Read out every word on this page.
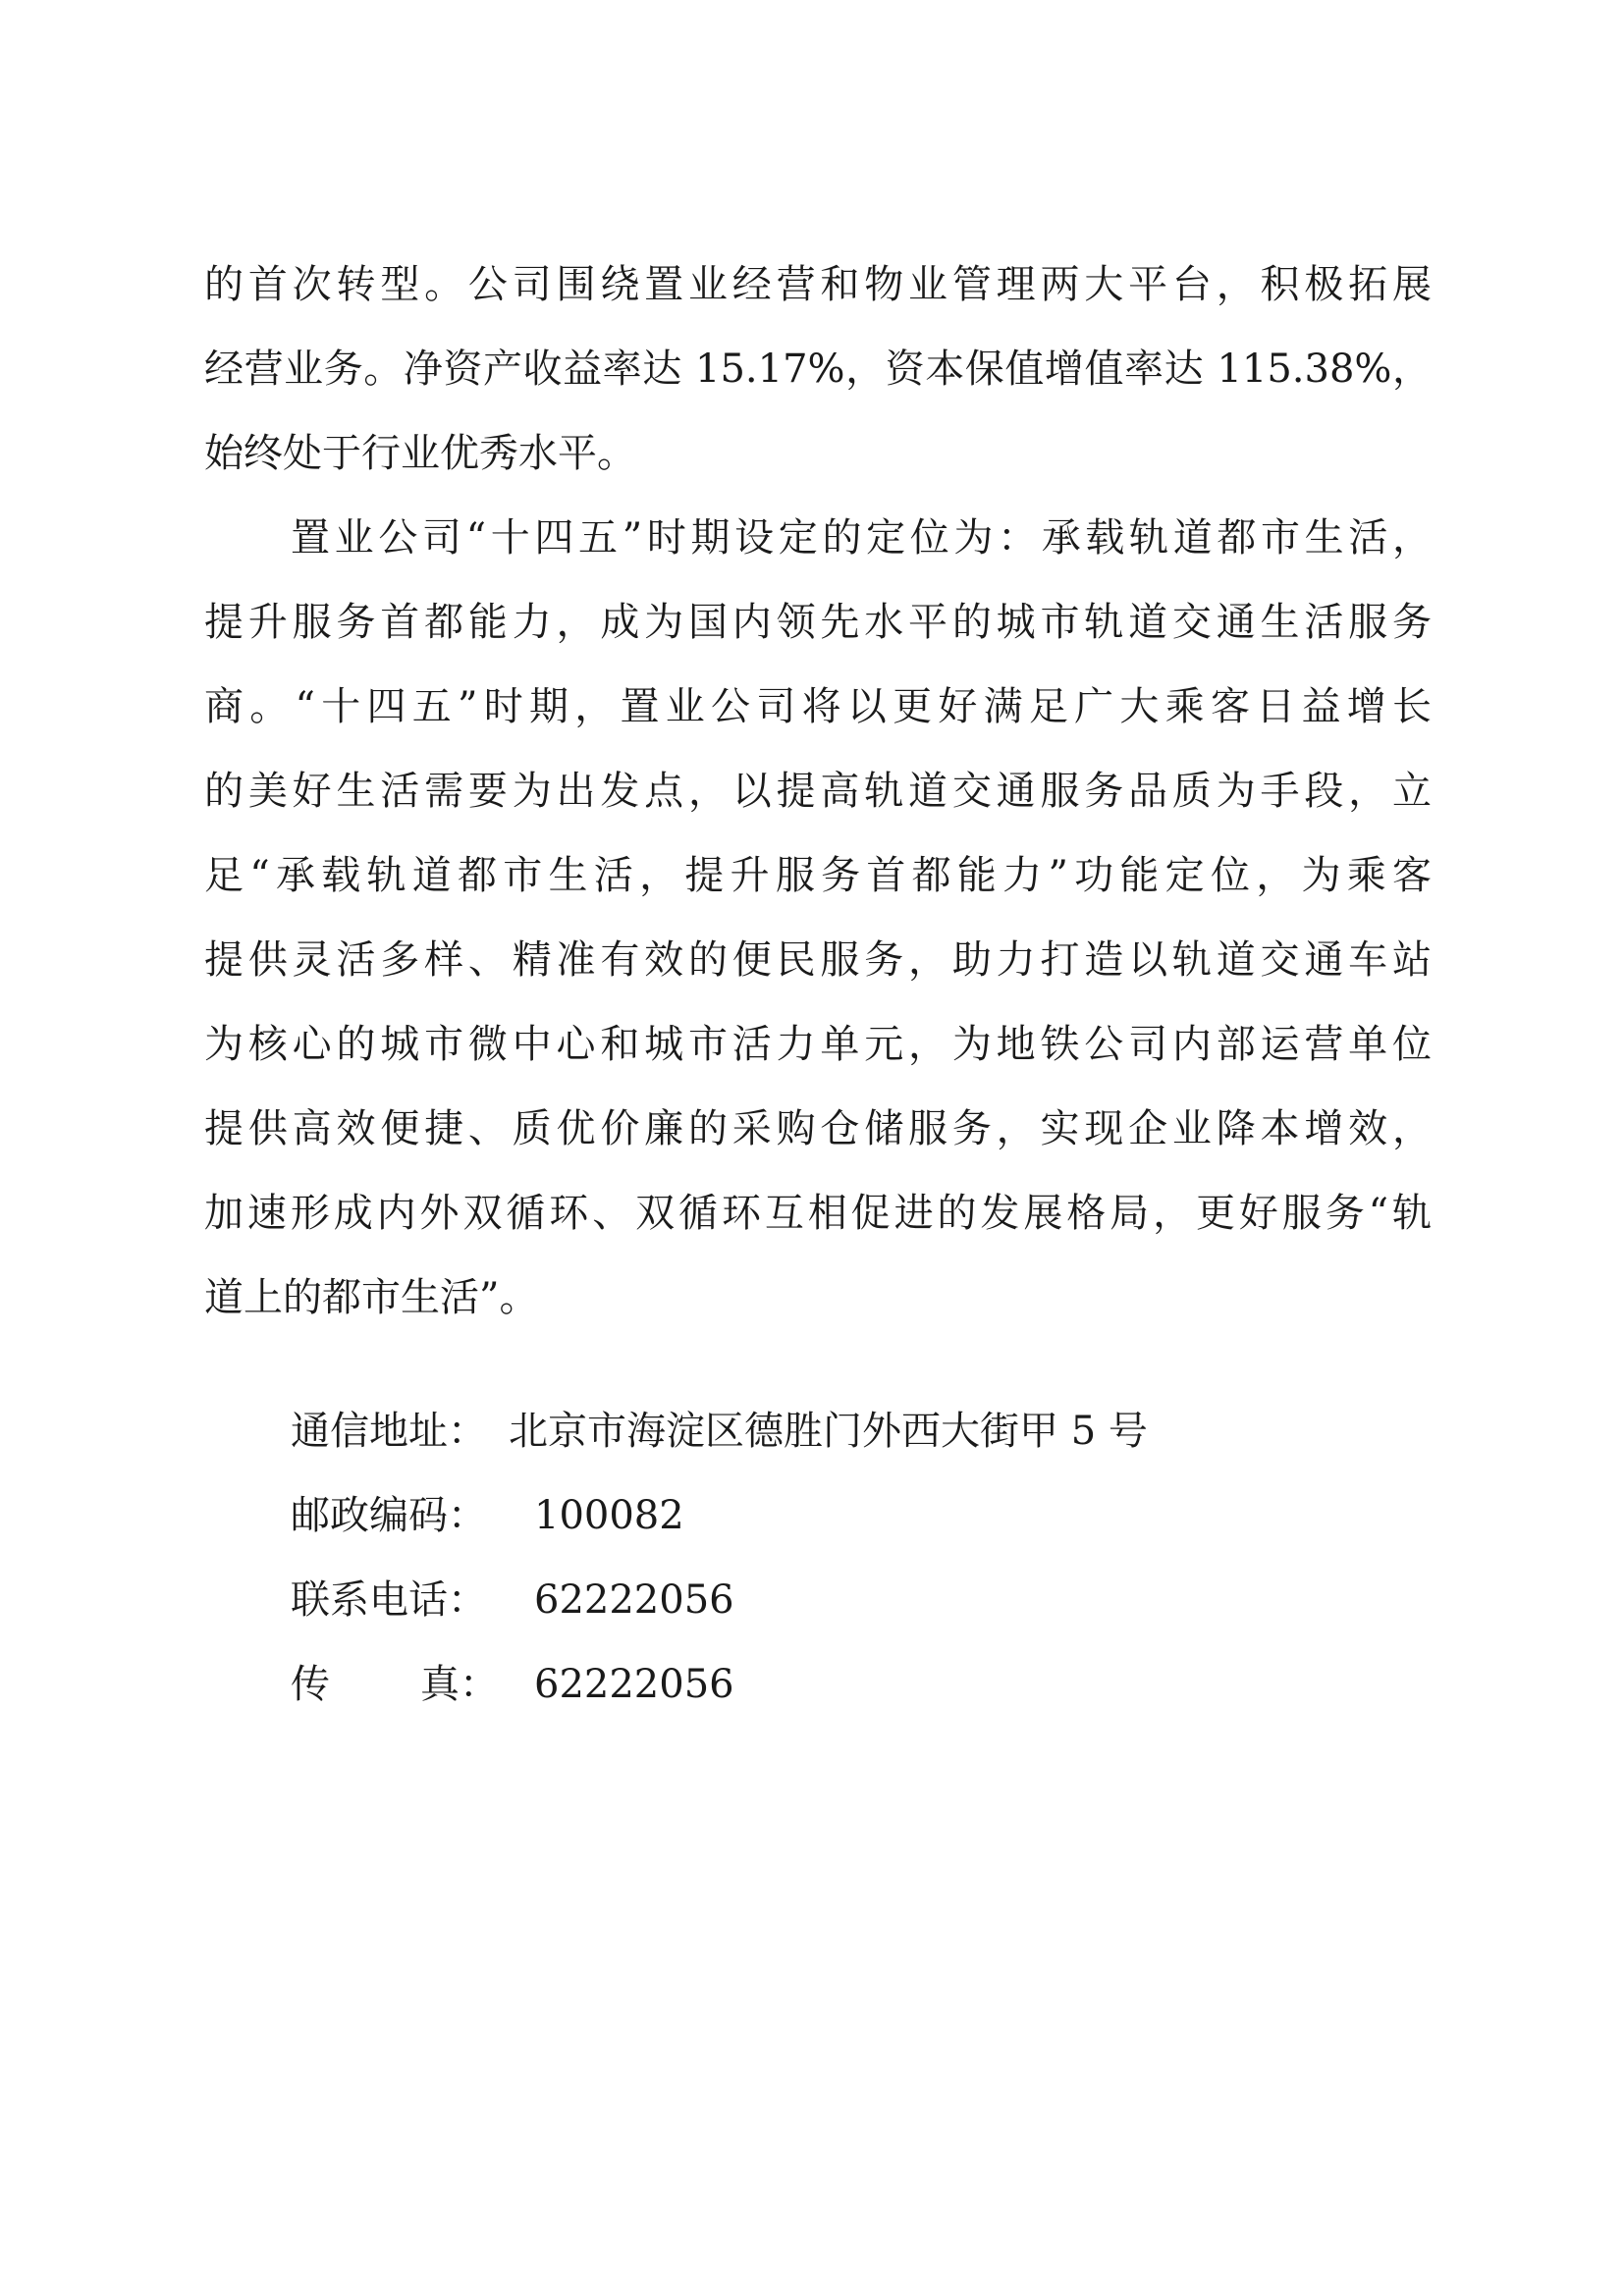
的首次转型。公司围绕置业经营和物业管理两大平台，积极拓展
经营业务。净资产收益率达 15.17%，资本保值增值率达 115.38%，
始终处于行业优秀水平。
置业公司“十四五”时期设定的定位为：承载轨道都市生活，
提升服务首都能力，成为国内领先水平的城市轨道交通生活服务
商。“十四五”时期，置业公司将以更好满足广大乘客日益增长
的美好生活需要为出发点，以提高轨道交通服务品质为手段，立
足“承载轨道都市生活，提升服务首都能力”功能定位，为乘客
提供灵活多样、精准有效的便民服务，助力打造以轨道交通车站
为核心的城市微中心和城市活力单元，为地铁公司内部运营单位
提供高效便捷、质优价廉的采购仓储服务，实现企业降本增效，
加速形成内外双循环、双循环互相促进的发展格局，更好服务“轨
道上的都市生活”。
通信地址： 北京市海淀区德胜门外西大街甲 5 号
邮政编码： 100082
联系电话： 62222056
传 真： 62222056
